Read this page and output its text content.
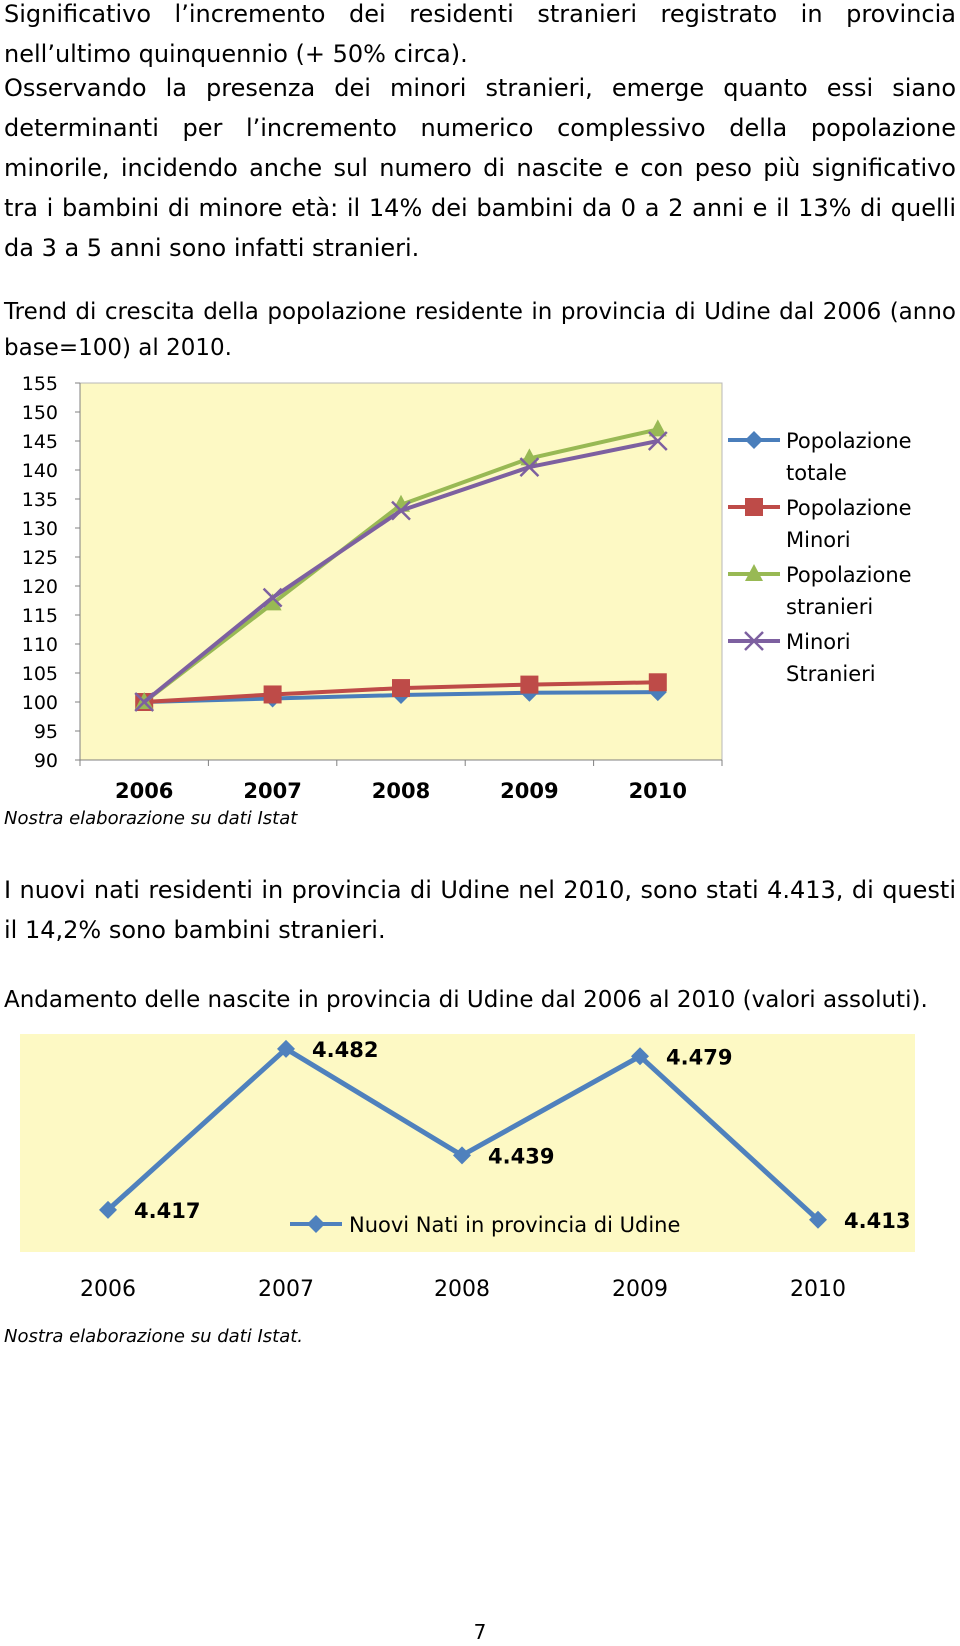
Significativo l’incremento dei residenti stranieri registrato in provincia nell’ultimo quinquennio (+ 50% circa).

Osservando la presenza dei minori stranieri, emerge quanto essi siano determinanti per l’incremento numerico complessivo della popolazione minorile, incidendo anche sul numero di nascite e con peso più significativo tra i bambini di minore età: il 14% dei bambini da 0 a 2 anni e il 13% di quelli da 3 a 5 anni sono infatti stranieri.

Trend di crescita della popolazione residente in provincia di Udine dal 2006 (anno base=100) al 2010.

90
95
100
105
110
115
120
125
130
135
140
145
150
155
2006	2007	2008	2009	2010
Popolazione
totale
Popolazione
Minori
Popolazione
stranieri
Minori
Stranieri

Nostra elaborazione su dati Istat

I nuovi nati residenti in provincia di Udine nel 2010, sono stati 4.413, di questi il 14,2% sono bambini stranieri.

Andamento delle nascite in provincia di Udine dal 2006 al 2010 (valori assoluti).

2006	2007	2008	2009	2010
4.417
4.482
4.439
4.479
4.413
Nuovi Nati in provincia di Udine

Nostra elaborazione su dati Istat.

7
